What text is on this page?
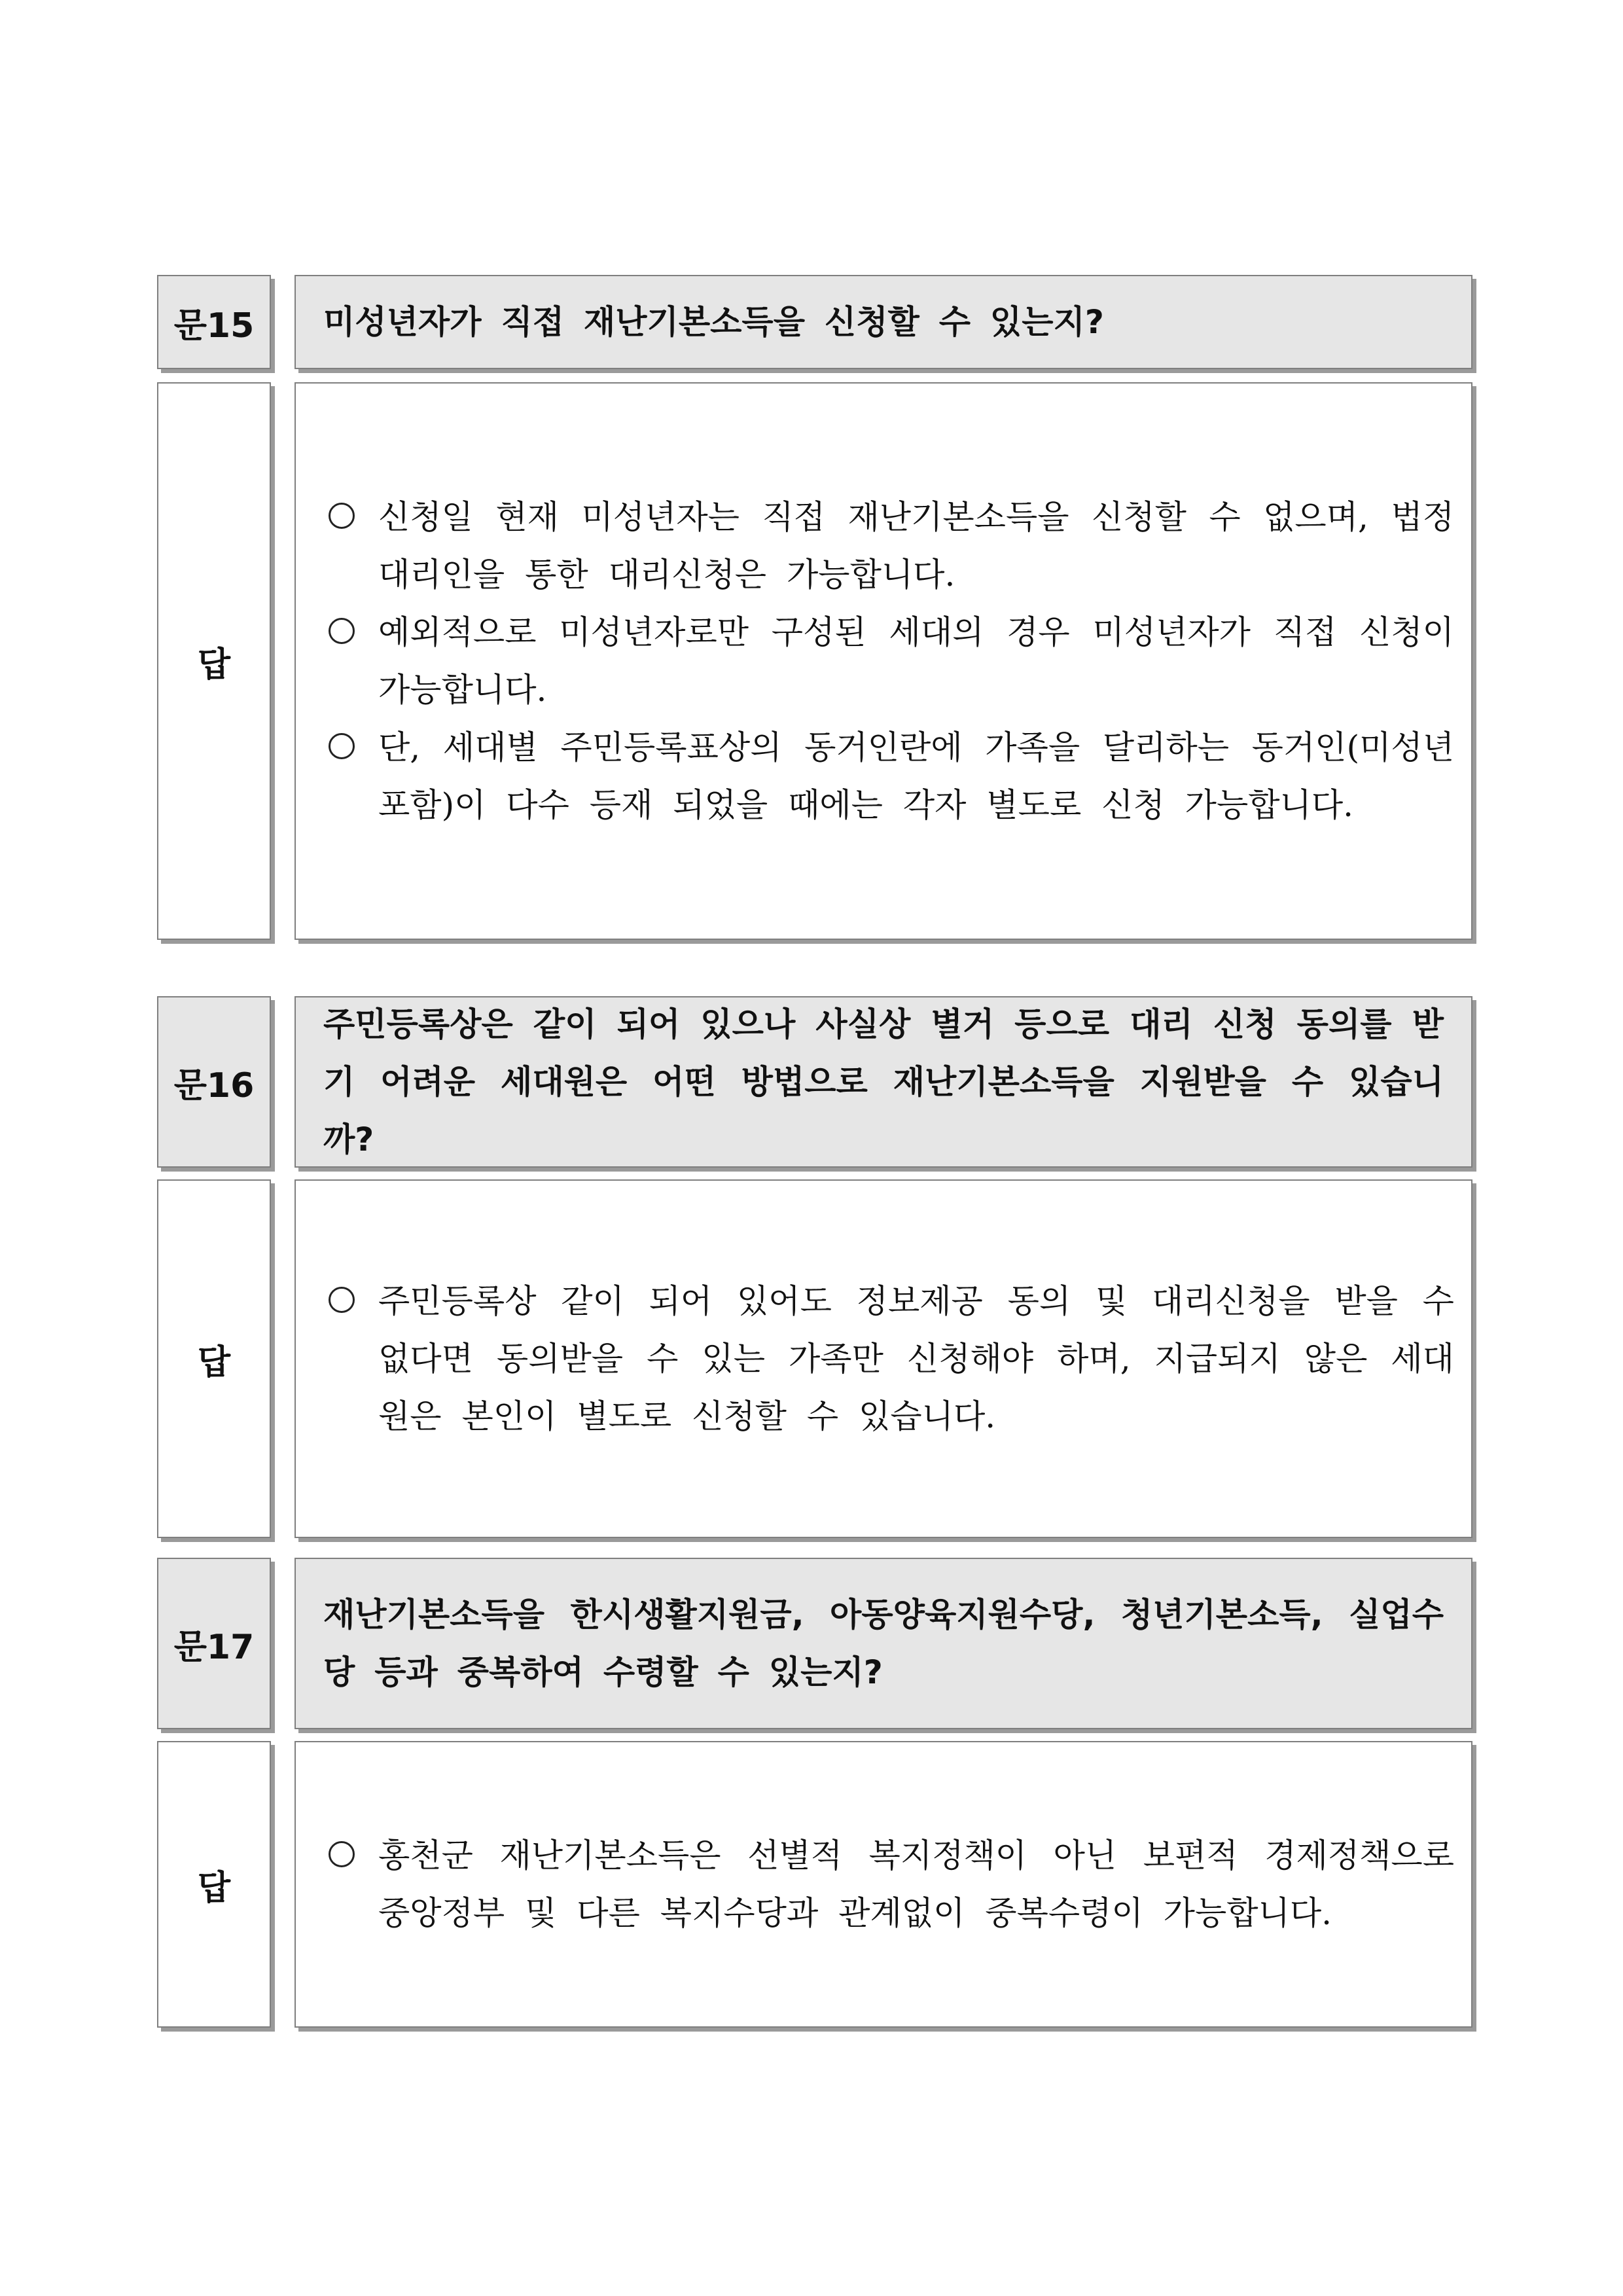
문15 미성년자가 직접 재난기본소득을 신청할 수 있는지?
답
신청일 현재 미성년자는 직접 재난기본소득을 신청할 수 없으며, 법정대리인을 통한 대리신청은 가능합니다.
예외적으로 미성년자로만 구성된 세대의 경우 미성년자가 직접 신청이 가능합니다.
단, 세대별 주민등록표상의 동거인란에 가족을 달리하는 동거인(미성년 포함)이 다수 등재 되었을 때에는 각자 별도로 신청 가능합니다.
문16
주민등록상은 같이 되어 있으나 사실상 별거 등으로 대리 신청 동의를 받기 어려운 세대원은 어떤 방법으로 재난기본소득을 지원받을 수 있습니까?
답
주민등록상 같이 되어 있어도 정보제공 동의 및 대리신청을 받을 수 없다면 동의받을 수 있는 가족만 신청해야 하며, 지급되지 않은 세대원은 본인이 별도로 신청할 수 있습니다.
문17
재난기본소득을 한시생활지원금, 아동양육지원수당, 청년기본소득, 실업수당 등과 중복하여 수령할 수 있는지?
답
홍천군 재난기본소득은 선별적 복지정책이 아닌 보편적 경제정책으로 중앙정부 및 다른 복지수당과 관계없이 중복수령이 가능합니다.
